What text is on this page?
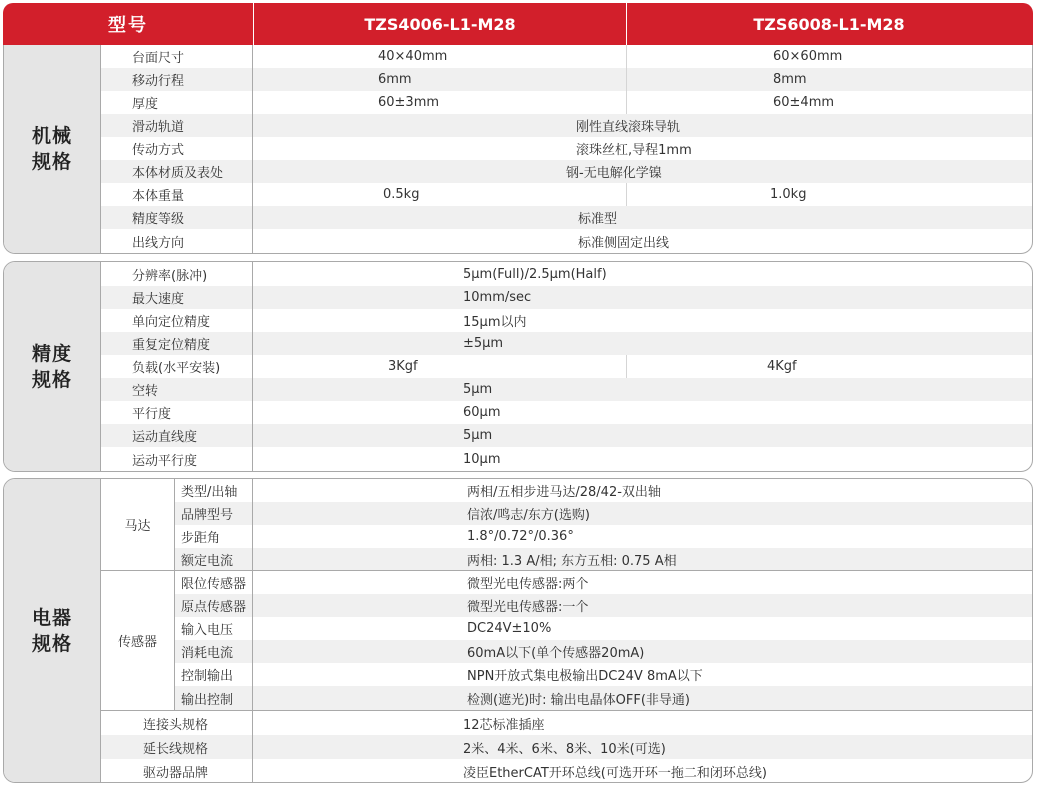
型号	TZS4006-L1-M28	TZS6008-L1-M28
机械
规格
台面尺寸	40×40mm	60×60mm
移动行程	6mm	8mm
厚度	60±3mm	60±4mm
滑动轨道	刚性直线滚珠导轨
传动方式	滚珠丝杠,导程1mm
本体材质及表处	钢-无电解化学镍
本体重量	0.5kg	1.0kg
精度等级	标准型
出线方向	标准侧固定出线
精度
规格
分辨率(脉冲)	5μm(Full)/2.5μm(Half)
最大速度	10mm/sec
单向定位精度	15μm以内
重复定位精度	±5μm
负载(水平安装)	3Kgf	4Kgf
空转	5μm
平行度	60μm
运动直线度	5μm
运动平行度	10μm
电器
规格
马达
类型/出轴	两相/五相步进马达/28/42-双出轴
品牌型号	信浓/鸣志/东方(选购)
步距角	1.8°/0.72°/0.36°
额定电流	两相: 1.3 A/相; 东方五相: 0.75 A相
传感器
限位传感器	微型光电传感器:两个
原点传感器	微型光电传感器:一个
输入电压	DC24V±10%
消耗电流	60mA以下(单个传感器20mA)
控制输出	NPN开放式集电极输出DC24V 8mA以下
输出控制	检测(遮光)时: 输出电晶体OFF(非导通)
连接头规格	12芯标准插座
延长线规格	2米、4米、6米、8米、10米(可选)
驱动器品牌	凌臣EtherCAT开环总线(可选开环一拖二和闭环总线)
